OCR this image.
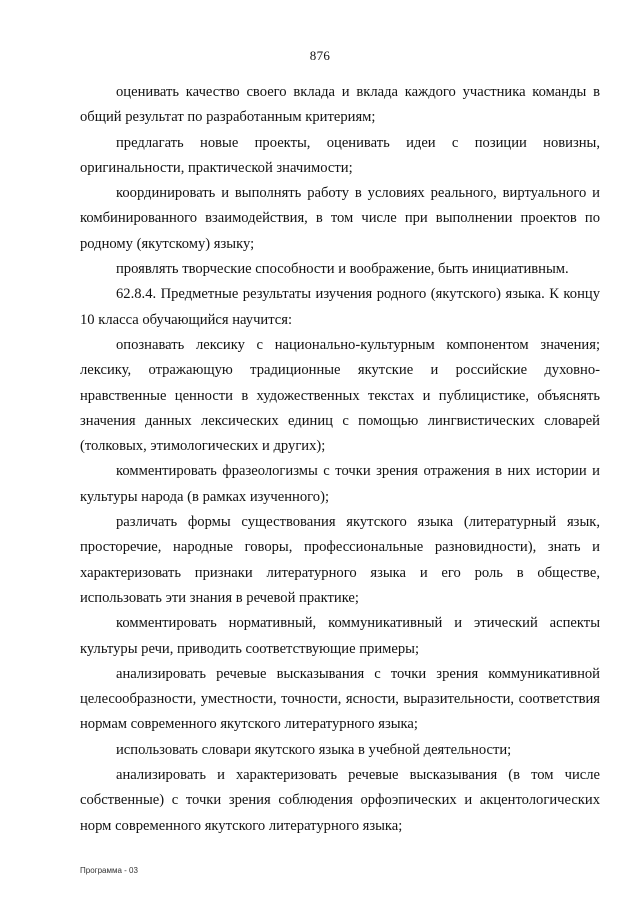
876

оценивать качество своего вклада и вклада каждого участника команды в общий результат по разработанным критериям;

предлагать новые проекты, оценивать идеи с позиции новизны, оригинальности, практической значимости;

координировать и выполнять работу в условиях реального, виртуального и комбинированного взаимодействия, в том числе при выполнении проектов по родному (якутскому) языку;

проявлять творческие способности и воображение, быть инициативным.

62.8.4. Предметные результаты изучения родного (якутского) языка. К концу 10 класса обучающийся научится:

опознавать лексику с национально-культурным компонентом значения; лексику, отражающую традиционные якутские и российские духовно-нравственные ценности в художественных текстах и публицистике, объяснять значения данных лексических единиц с помощью лингвистических словарей (толковых, этимологических и других);

комментировать фразеологизмы с точки зрения отражения в них истории и культуры народа (в рамках изученного);

различать формы существования якутского языка (литературный язык, просторечие, народные говоры, профессиональные разновидности), знать и характеризовать признаки литературного языка и его роль в обществе, использовать эти знания в речевой практике;

комментировать нормативный, коммуникативный и этический аспекты культуры речи, приводить соответствующие примеры;

анализировать речевые высказывания с точки зрения коммуникативной целесообразности, уместности, точности, ясности, выразительности, соответствия нормам современного якутского литературного языка;

использовать словари якутского языка в учебной деятельности;

анализировать и характеризовать речевые высказывания (в том числе собственные) с точки зрения соблюдения орфоэпических и акцентологических норм современного якутского литературного языка;

Программа - 03
